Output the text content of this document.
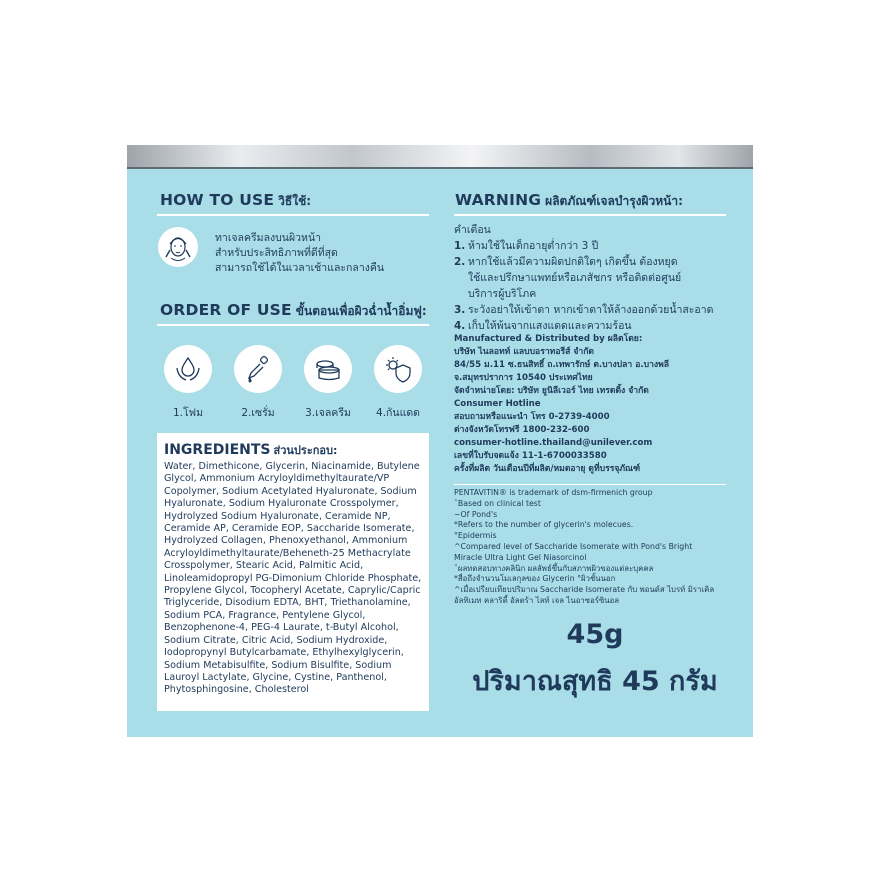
HOW TO USE วิธีใช้:
ทาเจลครีมลงบนผิวหน้า
สำหรับประสิทธิภาพที่ดีที่สุด
สามารถใช้ได้ในเวลาเช้าและกลางคืน
ORDER OF USE ขั้นตอนเพื่อผิวฉ่ำน้ำอิ่มฟู:
1.โฟม	2.เซรั่ม	3.เจลครีม	4.กันแดด
INGREDIENTS ส่วนประกอบ:
Water, Dimethicone, Glycerin, Niacinamide, Butylene Glycol, Ammonium Acryloyldimethyltaurate/VP Copolymer, Sodium Acetylated Hyaluronate, Sodium Hyaluronate, Sodium Hyaluronate Crosspolymer, Hydrolyzed Sodium Hyaluronate, Ceramide NP, Ceramide AP, Ceramide EOP, Saccharide Isomerate, Hydrolyzed Collagen, Phenoxyethanol, Ammonium Acryloyldimethyltaurate/Beheneth-25 Methacrylate Crosspolymer, Stearic Acid, Palmitic Acid, Linoleamidopropyl PG-Dimonium Chloride Phosphate, Propylene Glycol, Tocopheryl Acetate, Caprylic/Capric Triglyceride, Disodium EDTA, BHT, Triethanolamine, Sodium PCA, Fragrance, Pentylene Glycol, Benzophenone-4, PEG-4 Laurate, t-Butyl Alcohol, Sodium Citrate, Citric Acid, Sodium Hydroxide, Iodopropynyl Butylcarbamate, Ethylhexylglycerin, Sodium Metabisulfite, Sodium Bisulfite, Sodium Lauroyl Lactylate, Glycine, Cystine, Panthenol, Phytosphingosine, Cholesterol
WARNING ผลิตภัณฑ์เจลบำรุงผิวหน้า:
คำเตือน
1. ห้ามใช้ในเด็กอายุต่ำกว่า 3 ปี
2. หากใช้แล้วมีความผิดปกติใดๆ เกิดขึ้น ต้องหยุดใช้และปรึกษาแพทย์หรือเภสัชกร หรือติดต่อศูนย์บริการผู้บริโภค
3. ระวังอย่าให้เข้าตา หากเข้าตาให้ล้างออกด้วยน้ำสะอาด
4. เก็บให้พ้นจากแสงแดดและความร้อน
Manufactured & Distributed by ผลิตโดย:
บริษัท ไนลอทท์ แลบบอราทอรีส์ จำกัด
84/55 ม.11 ซ.ธนสิทธิ์ ถ.เทพารักษ์ ต.บางปลา อ.บางพลี
จ.สมุทรปราการ 10540 ประเทศไทย
จัดจำหน่ายโดย: บริษัท ยูนิลีเวอร์ ไทย เทรดดิ้ง จำกัด
Consumer Hotline
สอบถามหรือแนะนำ โทร 0-2739-4000
ต่างจังหวัดโทรฟรี 1800-232-600
consumer-hotline.thailand@unilever.com
เลขที่ใบรับจดแจ้ง 11-1-6700033580
ครั้งที่ผลิต วันเดือนปีที่ผลิต/หมดอายุ ดูที่บรรจุภัณฑ์
PENTAVITIN® is trademark of dsm-firmenich group
ˇBased on clinical test
~Of Pond's
*Refers to the number of glycerin's molecues.
°Epidermis
^Compared level of Saccharide Isomerate with Pond's Bright
Miracle Ultra Light Gel Niasorcinol
ˇผลทดสอบทางคลินิก ผลลัพธ์ขึ้นกับสภาพผิวของแต่ละบุคคล
*สื่อถึงจำนวนโมเลกุลของ Glycerin °ผิวชั้นนอก
^เมื่อเปรียบเทียบปริมาณ Saccharide Isomerate กับ พอนด์ส ไบรท์ มิราเคิล
อัลทิเมท คลาริตี้ อัลตร้า ไลท์ เจล ไนอาซอร์ซินอล
45g
ปริมาณสุทธิ 45 กรัม
